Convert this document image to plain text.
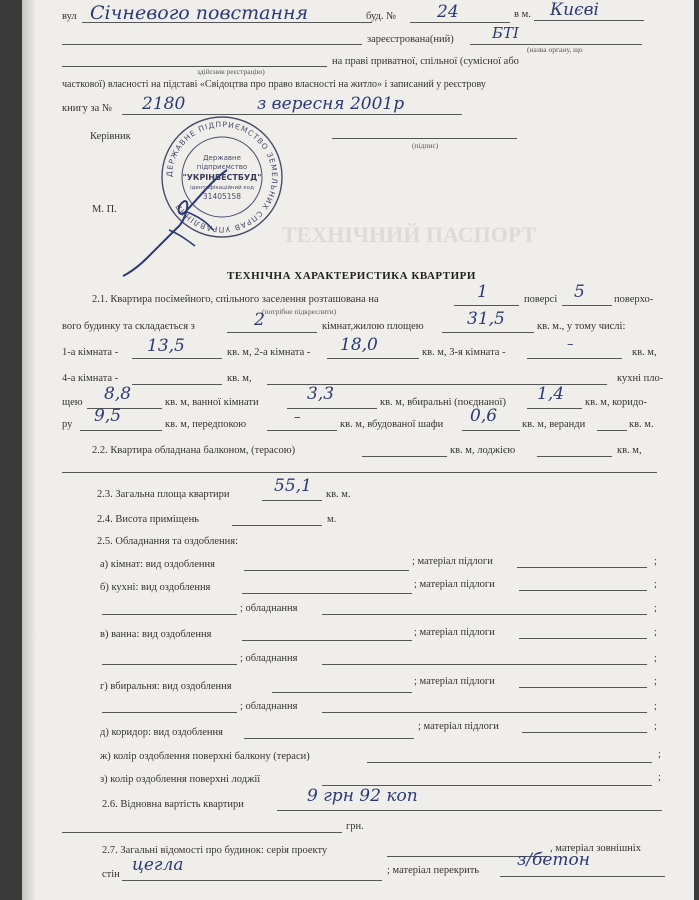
вул Січневого повстання	буд. № 24	в м. Києві
зареєстрована(ний)	БТІ
(назва органу, що
на праві приватної, спільної (сумісної або
здійснив реєстрацію)
часткової) власності на підставі «Свідоцтва про право власності на житло» і записаний у реєстрову
книгу за № 2180	з вересня 2001р
Керівник
(підпис)
М. П.
ДЕРЖАВНЕ ПІДПРИЄМСТВО ЗЕМЕЛЬНИХ СПРАВ УПРАВЛІННЯ
Державне
підприємство
"УКРІНВЕСТБУД"
ідентифікаційний код
31405158
ТЕХНІЧНИЙ ПАСПОРТ
ТЕХНІЧНА ХАРАКТЕРИСТИКА КВАРТИРИ
2.1. Квартира посімейного, спільного заселення розташована на	1	поверсі 5	поверхо-
(потрібне підкреслити)
вого будинку та складається з	2	кімнат,жилою площею	31,5	кв. м., у тому числі:
1-а кімната - 13,5	кв. м, 2-а кімната - 18,0	кв. м, 3-я кімната -
–
кв. м,
4-а кімната -	кв. м,	кухні пло-
щею 8,8	кв. м, ванної кімнати	3,3	кв. м, вбиральні (поєднаної) 1,4 кв. м, коридо-
ру 9,5	кв. м, передпокою	–	кв. м, вбудованої шафи 0,6 кв. м, веранди	кв. м.
2.2. Квартира обладнана балконом, (терасою)	кв. м, лоджією	кв. м,
2.3. Загальна площа квартири	55,1 кв. м.
2.4. Висота приміщень	м.
2.5. Обладнання та оздоблення:
а) кімнат: вид оздоблення	; матеріал підлоги	;
б) кухні: вид оздоблення	; матеріал підлоги	;
; обладнання	;
в) ванна: вид оздоблення	; матеріал підлоги	;
; обладнання	;
г) вбиральня: вид оздоблення	; матеріал підлоги	;
; обладнання	;
д) коридор: вид оздоблення
; матеріал підлоги	;
ж) колір оздоблення поверхні балкону (тераси)	;
з) колір оздоблення поверхні лоджії	;
2.6. Відновна вартість квартири	9 грн 92 коп
грн.
2.7. Загальні відомості про будинок: серія проекту	, матеріал зовнішніх
стін цегла	; матеріал перекрить
з/бетон
